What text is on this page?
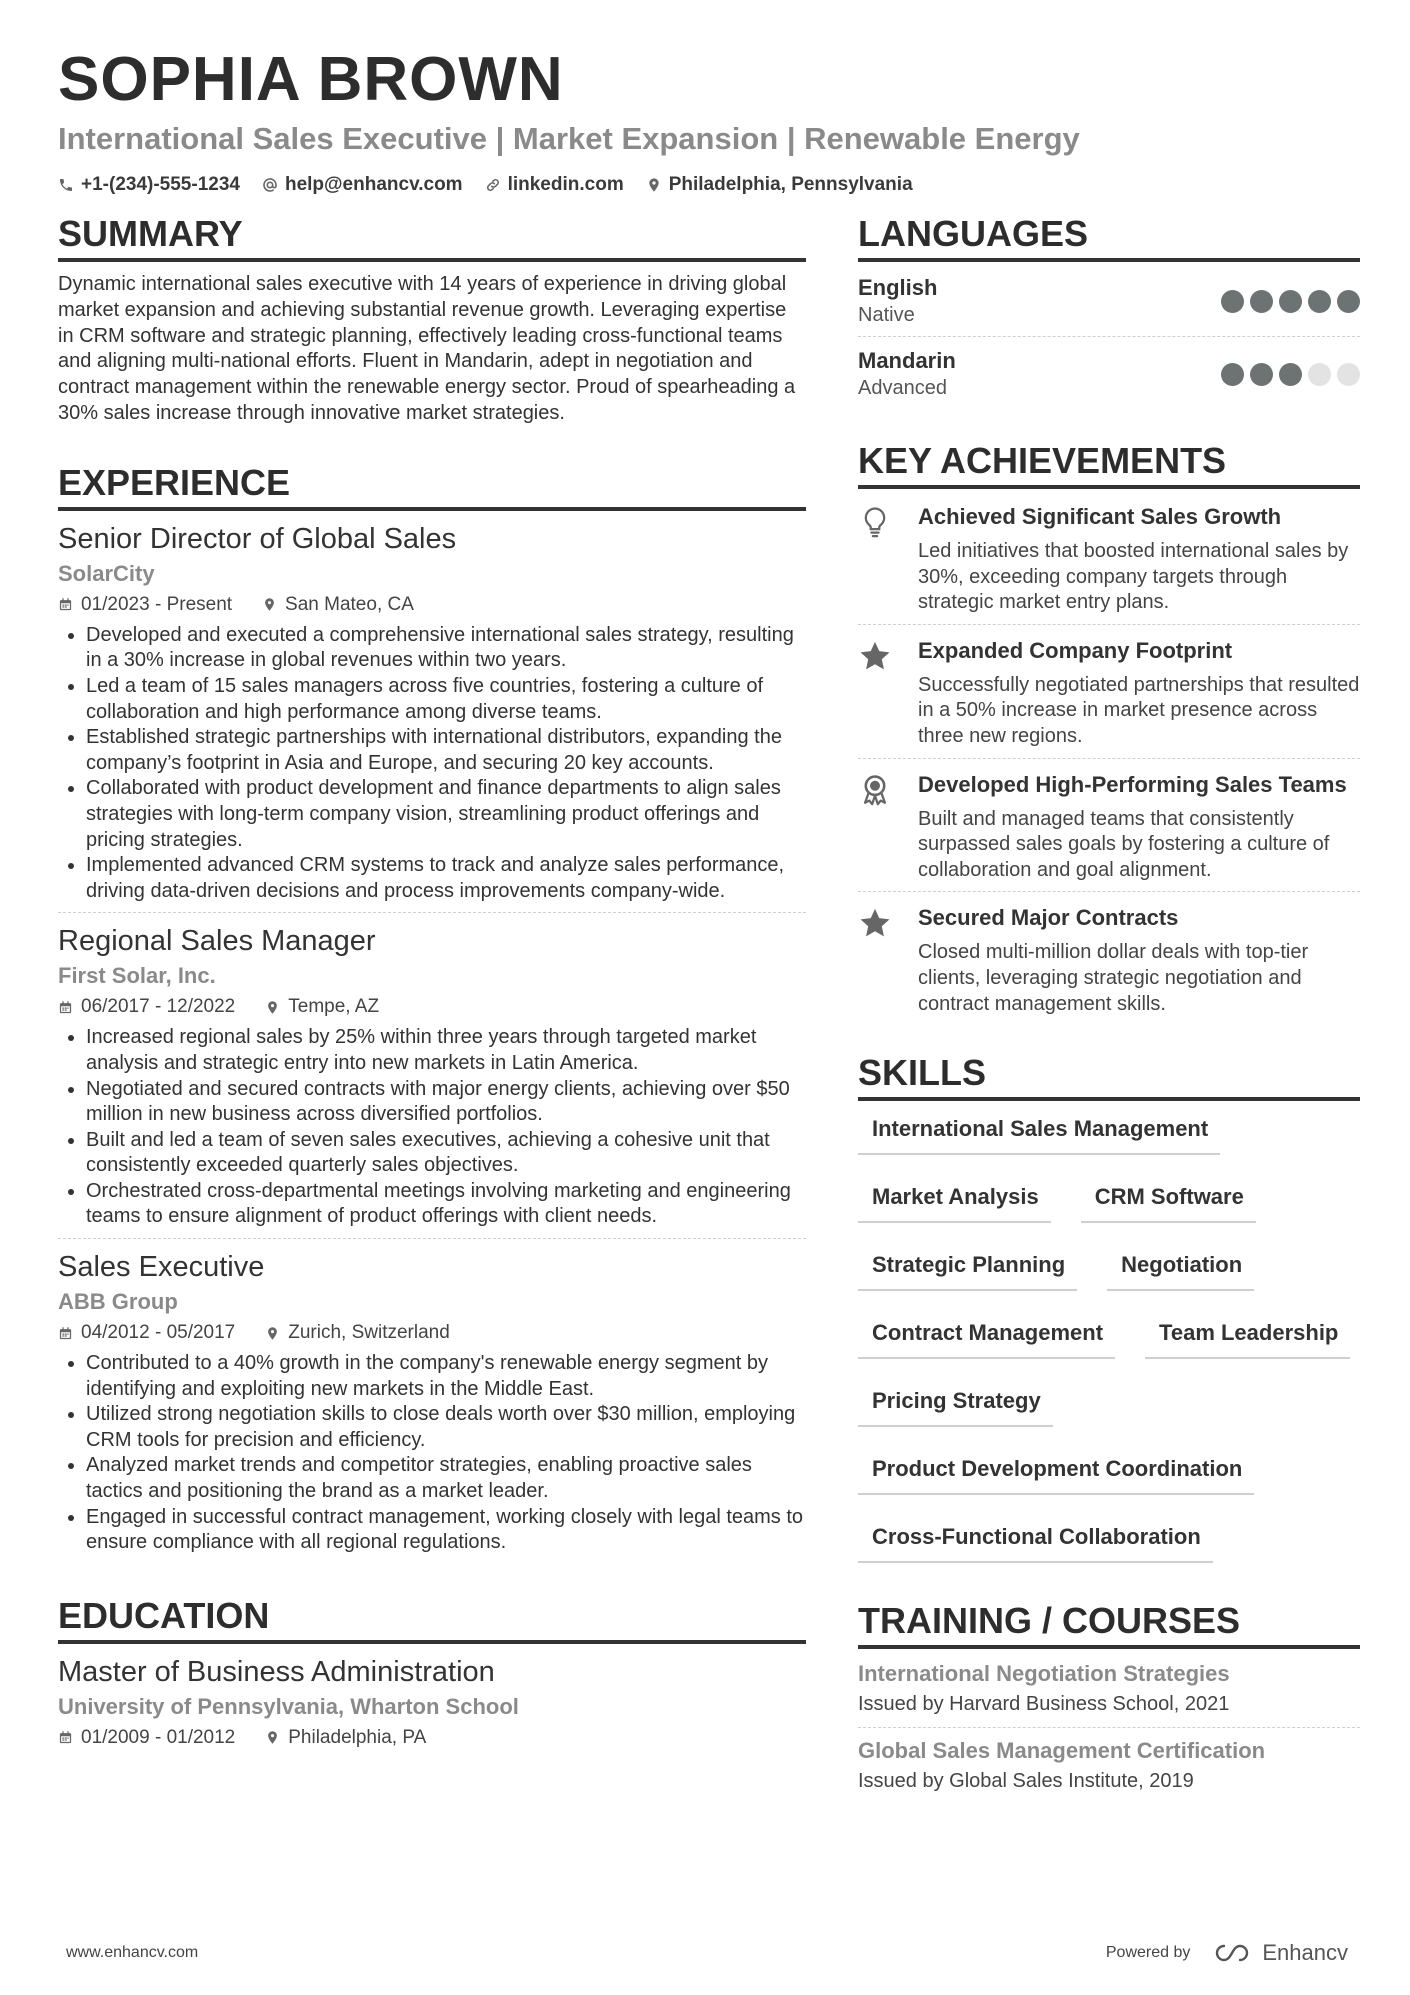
SOPHIA BROWN
International Sales Executive | Market Expansion | Renewable Energy
+1-(234)-555-1234 help@enhancv.com linkedin.com Philadelphia, Pennsylvania
SUMMARY
Dynamic international sales executive with 14 years of experience in driving global market expansion and achieving substantial revenue growth. Leveraging expertise in CRM software and strategic planning, effectively leading cross-functional teams and aligning multi-national efforts. Fluent in Mandarin, adept in negotiation and contract management within the renewable energy sector. Proud of spearheading a 30% sales increase through innovative market strategies.
EXPERIENCE
Senior Director of Global Sales
SolarCity
01/2023 - Present	San Mateo, CA
• Developed and executed a comprehensive international sales strategy, resulting in a 30% increase in global revenues within two years.
• Led a team of 15 sales managers across five countries, fostering a culture of collaboration and high performance among diverse teams.
• Established strategic partnerships with international distributors, expanding the company’s footprint in Asia and Europe, and securing 20 key accounts.
• Collaborated with product development and finance departments to align sales strategies with long-term company vision, streamlining product offerings and pricing strategies.
• Implemented advanced CRM systems to track and analyze sales performance, driving data-driven decisions and process improvements company-wide.
Regional Sales Manager
First Solar, Inc.
06/2017 - 12/2022	Tempe, AZ
• Increased regional sales by 25% within three years through targeted market analysis and strategic entry into new markets in Latin America.
• Negotiated and secured contracts with major energy clients, achieving over $50 million in new business across diversified portfolios.
• Built and led a team of seven sales executives, achieving a cohesive unit that consistently exceeded quarterly sales objectives.
• Orchestrated cross-departmental meetings involving marketing and engineering teams to ensure alignment of product offerings with client needs.
Sales Executive
ABB Group
04/2012 - 05/2017	Zurich, Switzerland
• Contributed to a 40% growth in the company's renewable energy segment by identifying and exploiting new markets in the Middle East.
• Utilized strong negotiation skills to close deals worth over $30 million, employing CRM tools for precision and efficiency.
• Analyzed market trends and competitor strategies, enabling proactive sales tactics and positioning the brand as a market leader.
• Engaged in successful contract management, working closely with legal teams to ensure compliance with all regional regulations.
EDUCATION
Master of Business Administration
University of Pennsylvania, Wharton School
01/2009 - 01/2012	Philadelphia, PA
LANGUAGES
English
Native
Mandarin
Advanced
KEY ACHIEVEMENTS
Achieved Significant Sales Growth
Led initiatives that boosted international sales by 30%, exceeding company targets through strategic market entry plans.
Expanded Company Footprint
Successfully negotiated partnerships that resulted in a 50% increase in market presence across three new regions.
Developed High-Performing Sales Teams
Built and managed teams that consistently surpassed sales goals by fostering a culture of collaboration and goal alignment.
Secured Major Contracts
Closed multi-million dollar deals with top-tier clients, leveraging strategic negotiation and contract management skills.
SKILLS
International Sales Management
Market Analysis	CRM Software
Strategic Planning	Negotiation
Contract Management	Team Leadership
Pricing Strategy
Product Development Coordination
Cross-Functional Collaboration
TRAINING / COURSES
International Negotiation Strategies
Issued by Harvard Business School, 2021
Global Sales Management Certification
Issued by Global Sales Institute, 2019
www.enhancv.com	Powered by	Enhancv
